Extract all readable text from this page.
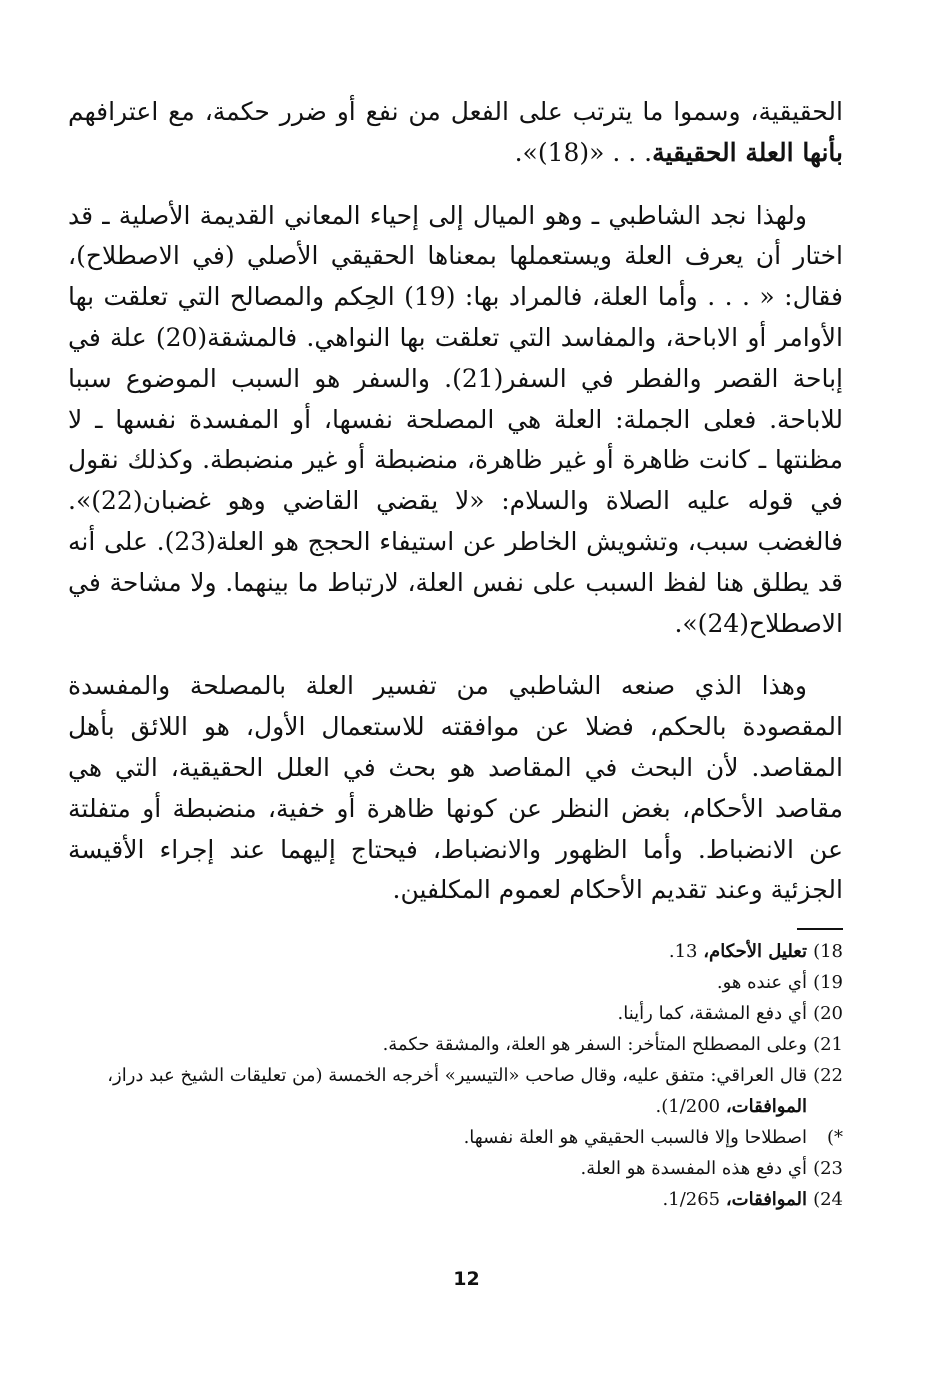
الحقيقية، وسموا ما يترتب على الفعل من نفع أو ضرر حكمة، مع اعترافهم بأنها العلة الحقيقية. . . «(18)».

ولهذا نجد الشاطبي ـ وهو الميال إلى إحياء المعاني القديمة الأصلية ـ قد اختار أن يعرف العلة ويستعملها بمعناها الحقيقي الأصلي (في الاصطلاح)، فقال: « . . . وأما العلة، فالمراد بها: (19) الحِكم والمصالح التي تعلقت بها الأوامر أو الاباحة، والمفاسد التي تعلقت بها النواهي. فالمشقة(20) علة في إباحة القصر والفطر في السفر(21). والسفر هو السبب الموضوع سببا للاباحة. فعلى الجملة: العلة هي المصلحة نفسها، أو المفسدة نفسها ـ لا مظنتها ـ كانت ظاهرة أو غير ظاهرة، منضبطة أو غير منضبطة. وكذلك نقول في قوله عليه الصلاة والسلام: «لا يقضي القاضي وهو غضبان(22)». فالغضب سبب، وتشويش الخاطر عن استيفاء الحجج هو العلة(23). على أنه قد يطلق هنا لفظ السبب على نفس العلة، لارتباط ما بينهما. ولا مشاحة في الاصطلاح(24)».

وهذا الذي صنعه الشاطبي من تفسير العلة بالمصلحة والمفسدة المقصودة بالحكم، فضلا عن موافقته للاستعمال الأول، هو اللائق بأهل المقاصد. لأن البحث في المقاصد هو بحث في العلل الحقيقية، التي هي مقاصد الأحكام، بغض النظر عن كونها ظاهرة أو خفية، منضبطة أو متفلتة عن الانضباط. وأما الظهور والانضباط، فيحتاج إليهما عند إجراء الأقيسة الجزئية وعند تقديم الأحكام لعموم المكلفين.

18)
تعليل الأحكام، 13.
19)
أي عنده هو.
20)
أي دفع المشقة، كما رأينا.
21)
وعلى المصطلح المتأخر: السفر هو العلة، والمشقة حكمة.
22)
قال العراقي: متفق عليه، وقال صاحب «التيسير» أخرجه الخمسة (من تعليقات الشيخ عبد دراز، الموافقات، 1/200).
*)
اصطلاحا وإلا فالسبب الحقيقي هو العلة نفسها.
23)
أي دفع هذه المفسدة هو العلة.
24)
الموافقات، 1/265.
12
